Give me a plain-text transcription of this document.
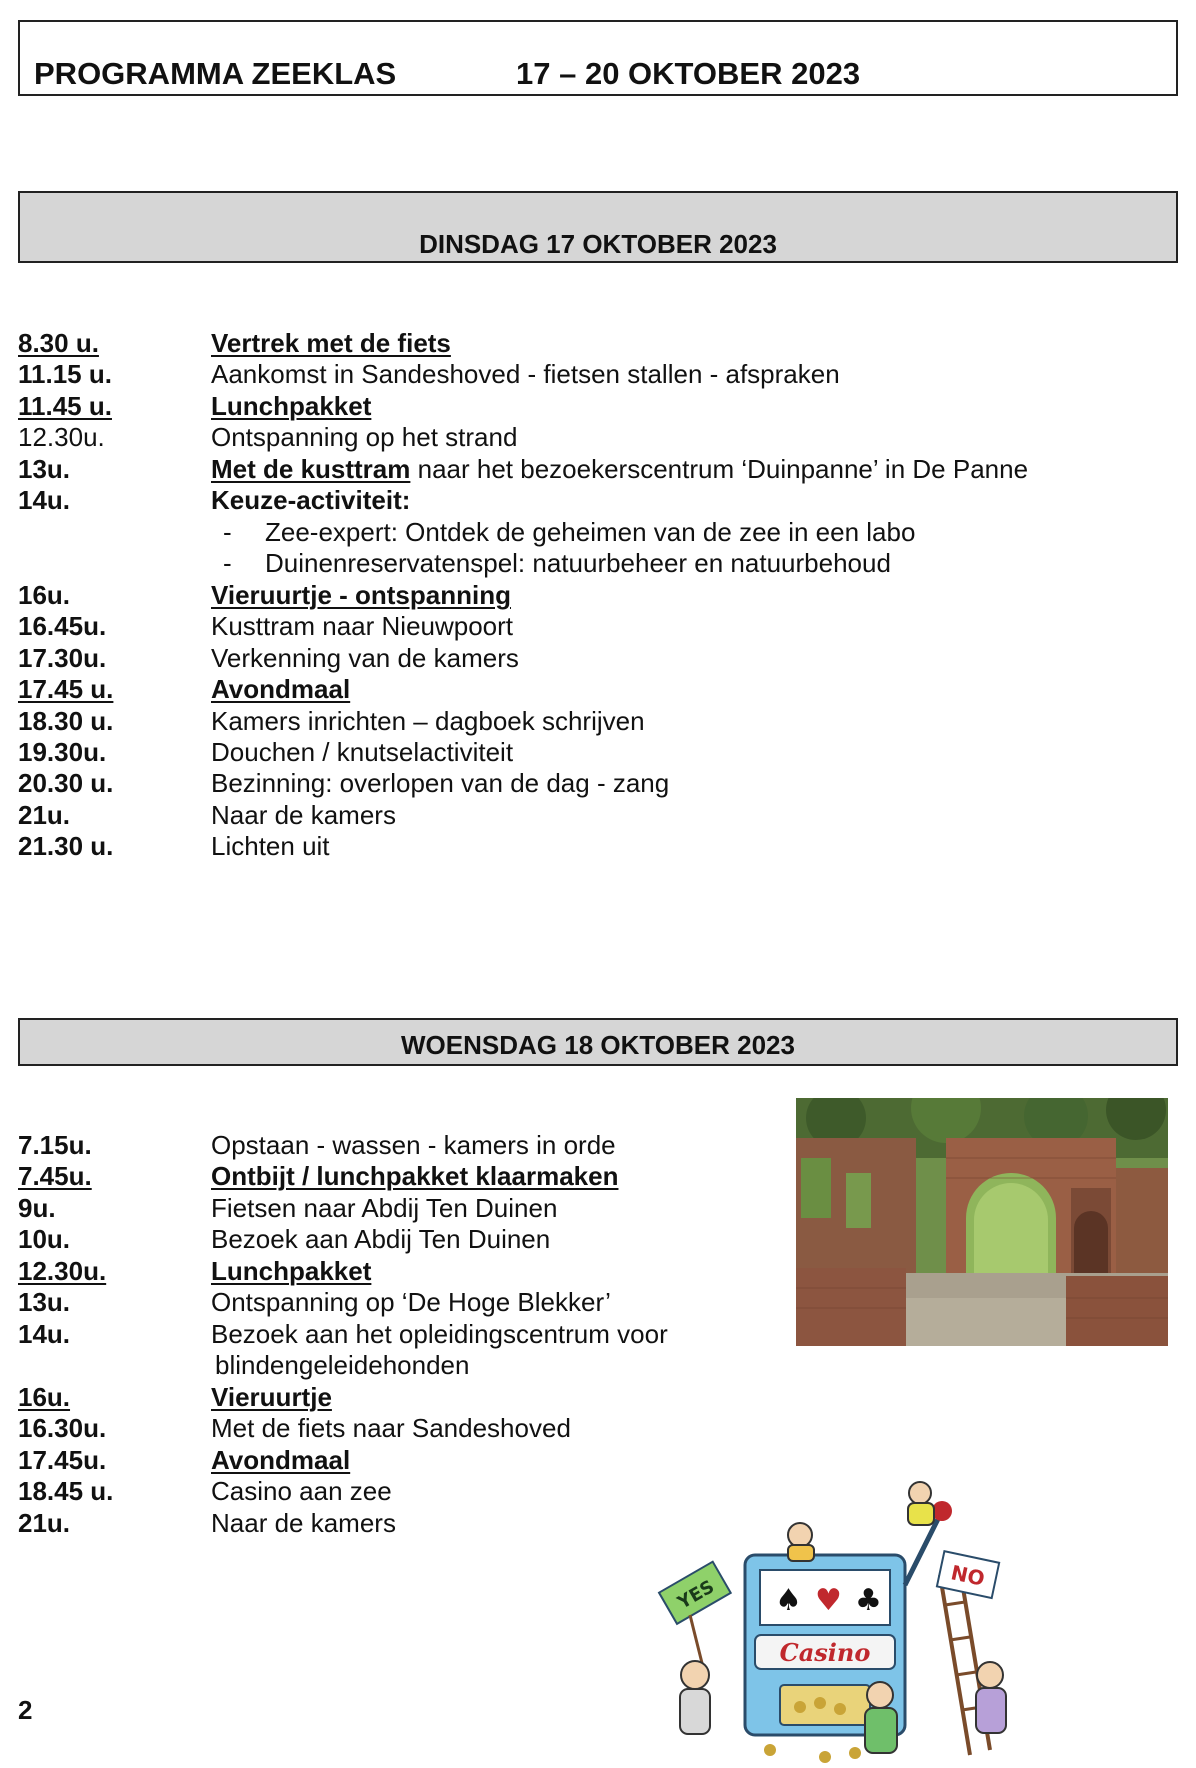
PROGRAMMA ZEEKLAS	17 – 20 OKTOBER 2023
DINSDAG 17 OKTOBER 2023
8.30 u.	Vertrek met de fiets
11.15 u.	Aankomst in Sandeshoved - fietsen stallen - afspraken
11.45 u.	Lunchpakket
12.30u.	Ontspanning op het strand
13u.	Met de kusttram naar het bezoekerscentrum ‘Duinpanne’ in De Panne
14u.	Keuze-activiteit:
- Zee-expert: Ontdek de geheimen van de zee in een labo
- Duinenreservatenspel: natuurbeheer en natuurbehoud
16u.	Vieruurtje - ontspanning
16.45u.	Kusttram naar Nieuwpoort
17.30u.	Verkenning van de kamers
17.45 u.	Avondmaal
18.30 u.	Kamers inrichten – dagboek schrijven
19.30u.	Douchen / knutselactiviteit
20.30 u.	Bezinning: overlopen van de dag - zang
21u.	Naar de kamers
21.30 u.	Lichten uit
WOENSDAG 18 OKTOBER 2023
7.15u.	Opstaan - wassen - kamers in orde
7.45u.	Ontbijt / lunchpakket klaarmaken
9u.	Fietsen naar Abdij Ten Duinen
10u.	Bezoek aan Abdij Ten Duinen
12.30u.	Lunchpakket
13u.	Ontspanning op ‘De Hoge Blekker’
14u.	Bezoek aan het opleidingscentrum voor
blindengeleidehonden
16u.	Vieruurtje
16.30u.	Met de fiets naar Sandeshoved
17.45u.	Avondmaal
18.45 u.	Casino aan zee
21u.	Naar de kamers
♠ ♥ ♣
Casino
YES
NO
2
